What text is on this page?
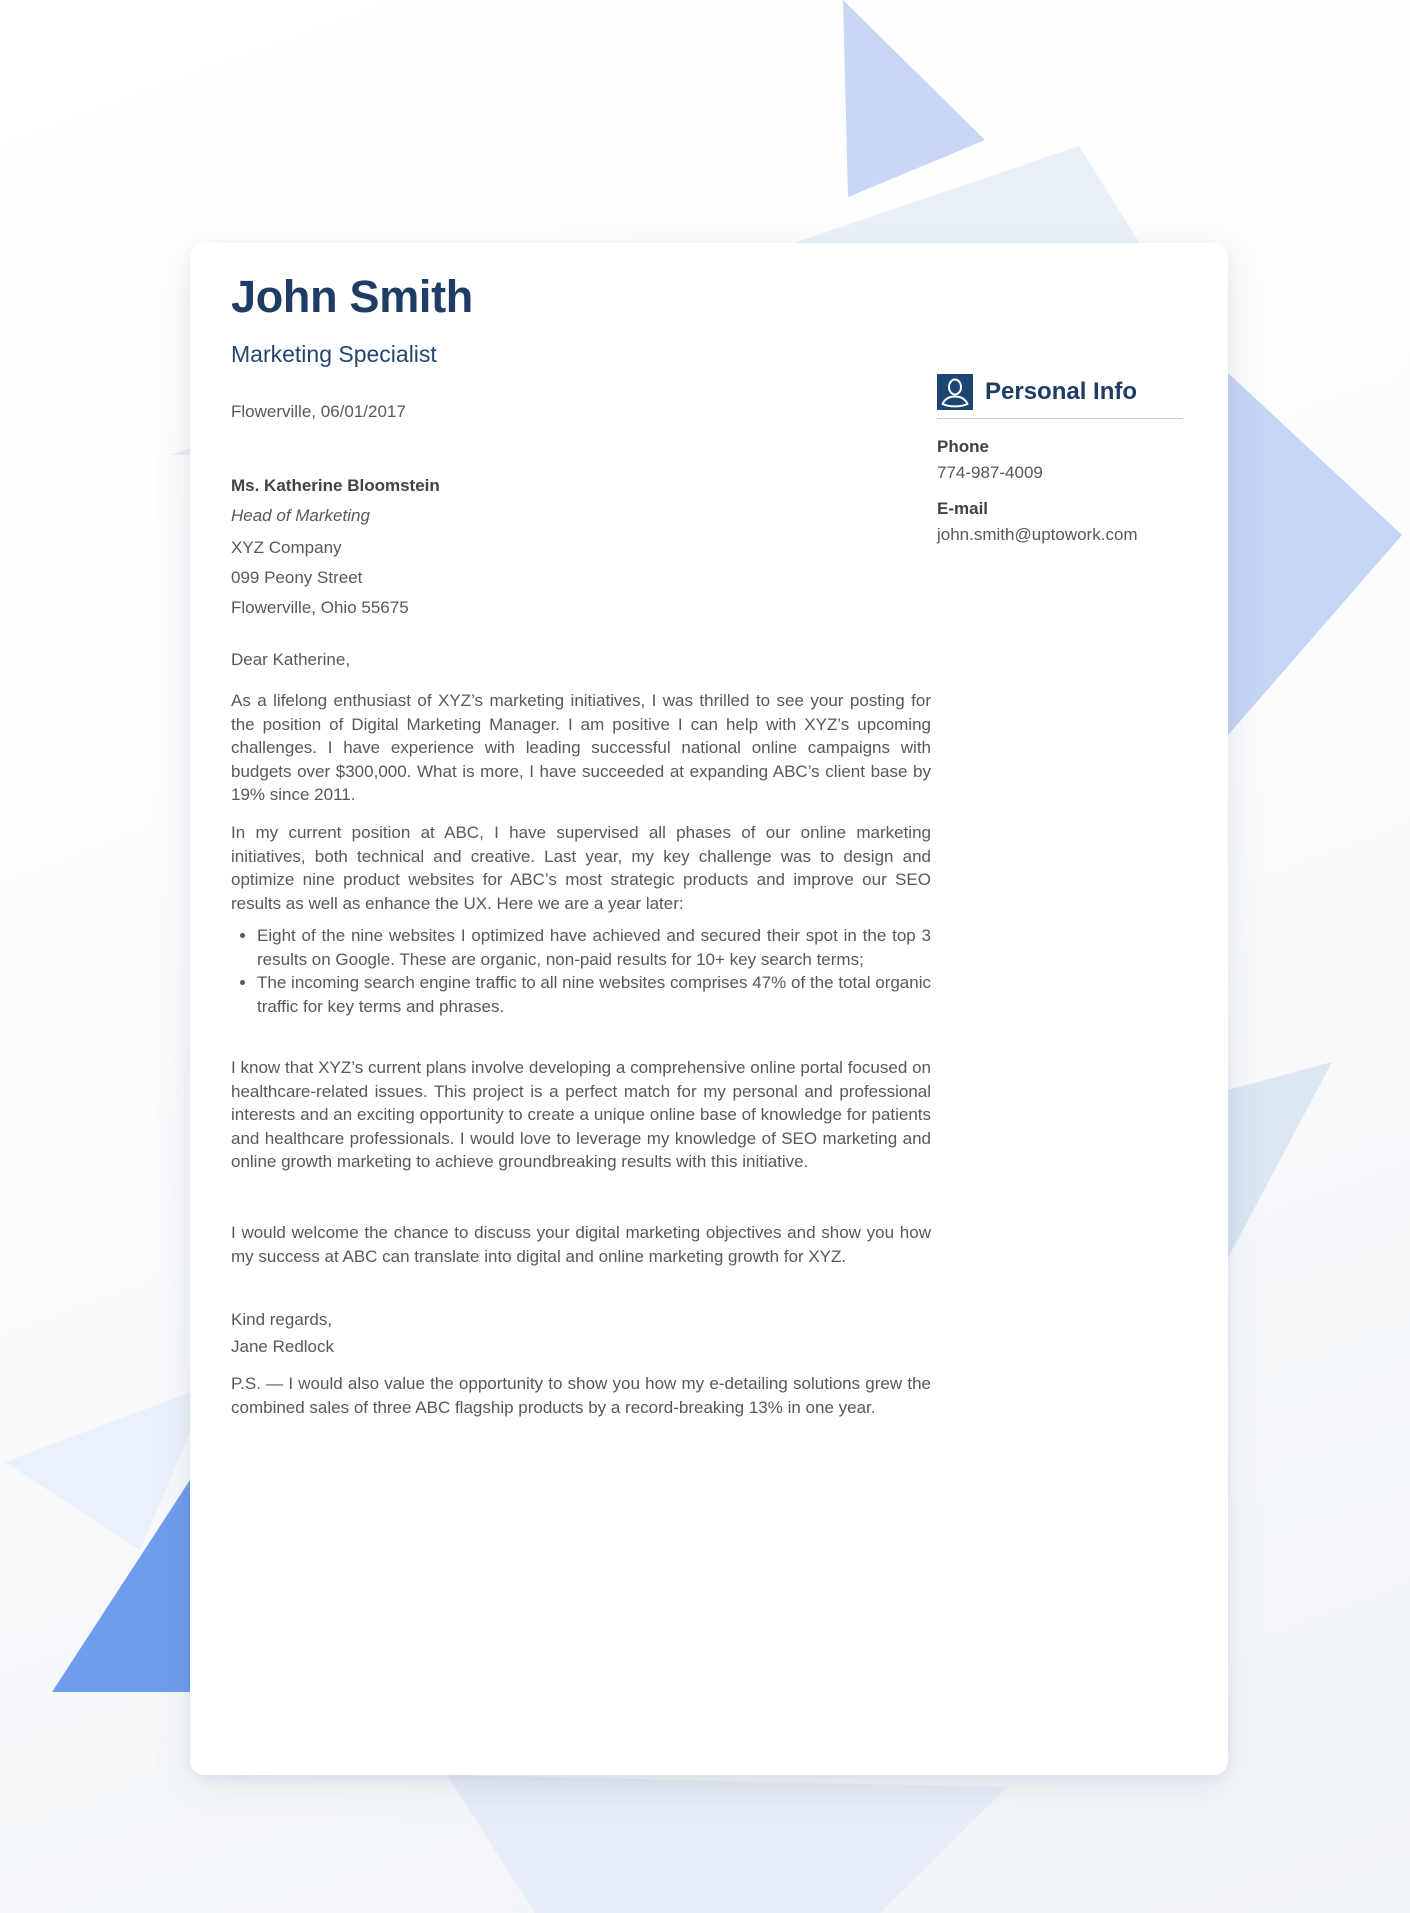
John Smith
Marketing Specialist
Flowerville, 06/01/2017
Ms. Katherine Bloomstein
Head of Marketing
XYZ Company
099 Peony Street
Flowerville, Ohio 55675
Dear Katherine,
As a lifelong enthusiast of XYZ’s marketing initiatives, I was thrilled to see your posting for the position of Digital Marketing Manager. I am positive I can help with XYZ’s upcoming challenges. I have experience with leading successful national online campaigns with budgets over $300,000. What is more, I have succeeded at expanding ABC’s client base by 19% since 2011.
In my current position at ABC, I have supervised all phases of our online marketing initiatives, both technical and creative. Last year, my key challenge was to design and optimize nine product websites for ABC’s most strategic products and improve our SEO results as well as enhance the UX. Here we are a year later:
• Eight of the nine websites I optimized have achieved and secured their spot in the top 3 results on Google. These are organic, non-paid results for 10+ key search terms;
• The incoming search engine traffic to all nine websites comprises 47% of the total organic traffic for key terms and phrases.
I know that XYZ’s current plans involve developing a comprehensive online portal focused on healthcare-related issues. This project is a perfect match for my personal and professional interests and an exciting opportunity to create a unique online base of knowledge for patients and healthcare professionals. I would love to leverage my knowledge of SEO marketing and online growth marketing to achieve groundbreaking results with this initiative.
I would welcome the chance to discuss your digital marketing objectives and show you how my success at ABC can translate into digital and online marketing growth for XYZ.
Kind regards,
Jane Redlock
P.S. — I would also value the opportunity to show you how my e-detailing solutions grew the combined sales of three ABC flagship products by a record-breaking 13% in one year.
Personal Info
Phone
774-987-4009
E-mail
john.smith@uptowork.com
